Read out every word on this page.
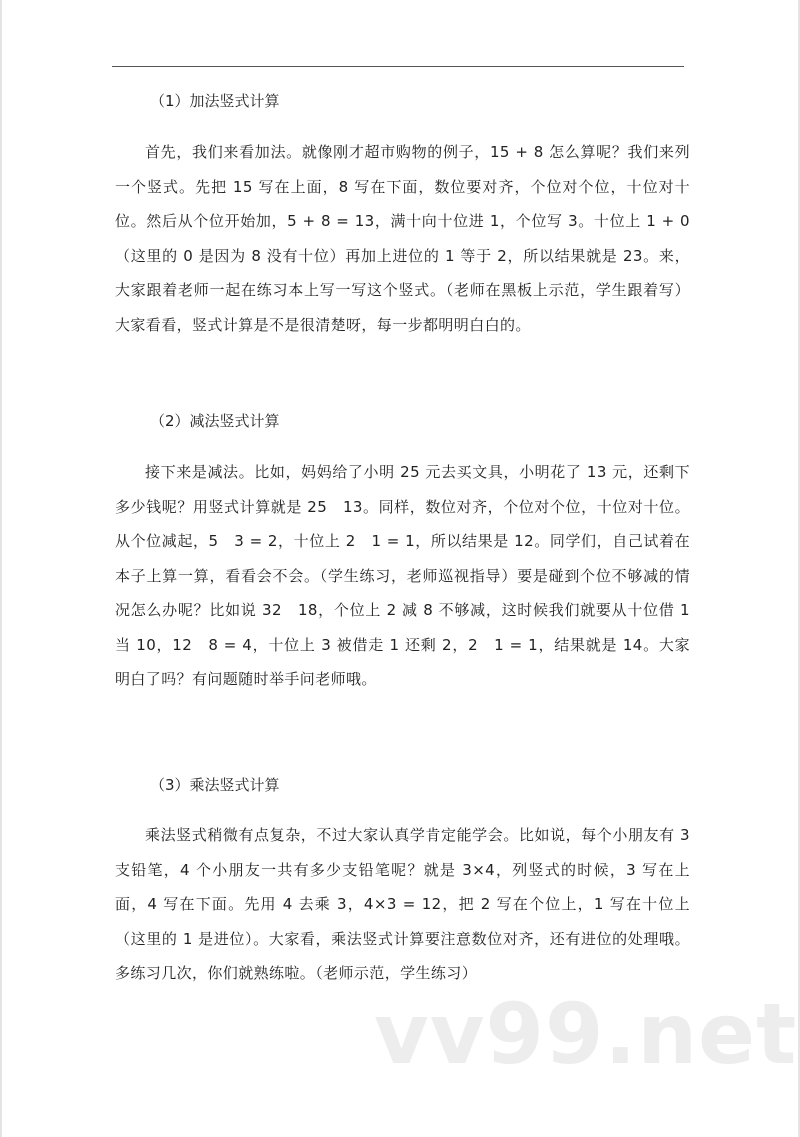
（1）加法竖式计算
首先，我们来看加法。就像刚才超市购物的例子，15 + 8 怎么算呢？我们来列一个竖式。先把 15 写在上面，8 写在下面，数位要对齐，个位对个位，十位对十位。然后从个位开始加，5 + 8 = 13，满十向十位进 1，个位写 3。十位上 1 + 0（这里的 0 是因为 8 没有十位）再加上进位的 1 等于 2，所以结果就是 23。来，大家跟着老师一起在练习本上写一写这个竖式。（老师在黑板上示范，学生跟着写）大家看看，竖式计算是不是很清楚呀，每一步都明明白白的。
（2）减法竖式计算
接下来是减法。比如，妈妈给了小明 25 元去买文具，小明花了 13 元，还剩下多少钱呢？用竖式计算就是 25　13。同样，数位对齐，个位对个位，十位对十位。从个位减起，5　3 = 2，十位上 2　1 = 1，所以结果是 12。同学们，自己试着在本子上算一算，看看会不会。（学生练习，老师巡视指导）要是碰到个位不够减的情况怎么办呢？比如说 32　18，个位上 2 减 8 不够减，这时候我们就要从十位借 1 当 10，12　8 = 4，十位上 3 被借走 1 还剩 2，2　1 = 1，结果就是 14。大家明白了吗？有问题随时举手问老师哦。
（3）乘法竖式计算
乘法竖式稍微有点复杂，不过大家认真学肯定能学会。比如说，每个小朋友有 3 支铅笔，4 个小朋友一共有多少支铅笔呢？就是 3×4，列竖式的时候，3 写在上面，4 写在下面。先用 4 去乘 3，4×3 = 12，把 2 写在个位上，1 写在十位上（这里的 1 是进位）。大家看，乘法竖式计算要注意数位对齐，还有进位的处理哦。多练习几次，你们就熟练啦。（老师示范，学生练习）
vv99.net
